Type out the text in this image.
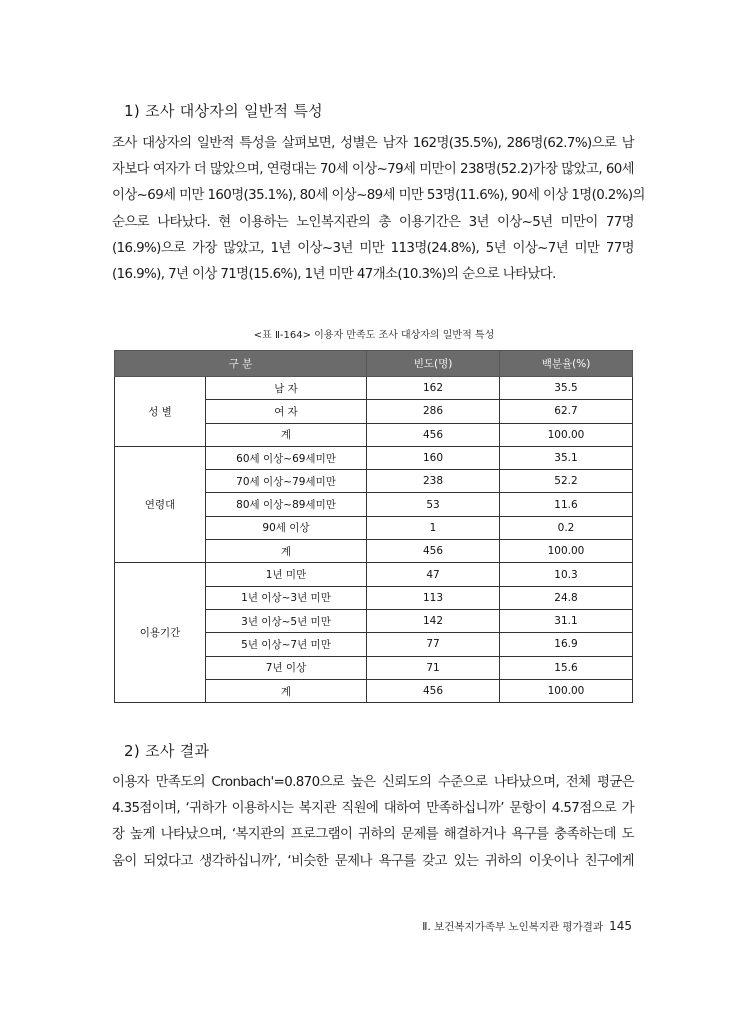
1) 조사 대상자의 일반적 특성
조사 대상자의 일반적 특성을 살펴보면, 성별은 남자 162명(35.5%), 286명(62.7%)으로 남
자보다 여자가 더 많았으며, 연령대는 70세 이상~79세 미만이 238명(52.2)가장 많았고, 60세
이상~69세 미만 160명(35.1%), 80세 이상~89세 미만 53명(11.6%), 90세 이상 1명(0.2%)의
순으로 나타났다. 현 이용하는 노인복지관의 총 이용기간은 3년 이상~5년 미만이 77명
(16.9%)으로 가장 많았고, 1년 이상~3년 미만 113명(24.8%), 5년 이상~7년 미만 77명
(16.9%), 7년 이상 71명(15.6%), 1년 미만 47개소(10.3%)의 순으로 나타났다.
<표 Ⅱ-164> 이용자 만족도 조사 대상자의 일반적 특성
구 분		빈도(명)	백분율(%)
성 별	남 자	162	35.5
	여 자	286	62.7
	계	456	100.00
연령대	60세 이상~69세미만	160	35.1
	70세 이상~79세미만	238	52.2
	80세 이상~89세미만	53	11.6
	90세 이상	1	0.2
	계	456	100.00
이용기간	1년 미만	47	10.3
	1년 이상~3년 미만	113	24.8
	3년 이상~5년 미만	142	31.1
	5년 이상~7년 미만	77	16.9
	7년 이상	71	15.6
	계	456	100.00
2) 조사 결과
이용자 만족도의 Cronbach'=0.870으로 높은 신뢰도의 수준으로 나타났으며, 전체 평균은
4.35점이며, ‘귀하가 이용하시는 복지관 직원에 대하여 만족하십니까’ 문항이 4.57점으로 가
장 높게 나타났으며, ‘복지관의 프로그램이 귀하의 문제를 해결하거나 욕구를 충족하는데 도
움이 되었다고 생각하십니까’, ‘비슷한 문제나 욕구를 갖고 있는 귀하의 이웃이나 친구에게
Ⅱ. 보건복지가족부 노인복지관 평가결과 145
